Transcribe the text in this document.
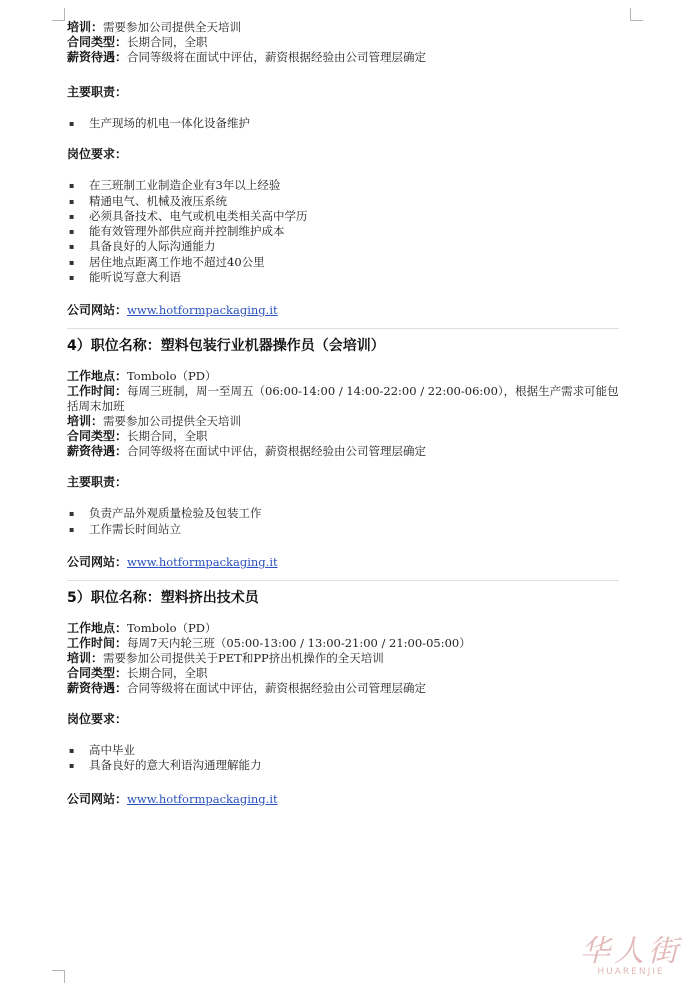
培训：需要参加公司提供全天培训
合同类型：长期合同，全职
薪资待遇：合同等级将在面试中评估，薪资根据经验由公司管理层确定
主要职责：
▪ 生产现场的机电一体化设备维护
岗位要求：
▪ 在三班制工业制造企业有3年以上经验
▪ 精通电气、机械及液压系统
▪ 必须具备技术、电气或机电类相关高中学历
▪ 能有效管理外部供应商并控制维护成本
▪ 具备良好的人际沟通能力
▪ 居住地点距离工作地不超过40公里
▪ 能听说写意大利语
公司网站：www.hotformpackaging.it
4）职位名称：塑料包装行业机器操作员（会培训）
工作地点：Tombolo（PD）
工作时间：每周三班制，周一至周五（06:00-14:00 / 14:00-22:00 / 22:00-06:00），根据生产需求可能包括周末加班
培训：需要参加公司提供全天培训
合同类型：长期合同，全职
薪资待遇：合同等级将在面试中评估，薪资根据经验由公司管理层确定
主要职责：
▪ 负责产品外观质量检验及包装工作
▪ 工作需长时间站立
公司网站：www.hotformpackaging.it
5）职位名称：塑料挤出技术员
工作地点：Tombolo（PD）
工作时间：每周7天内轮三班（05:00-13:00 / 13:00-21:00 / 21:00-05:00）
培训：需要参加公司提供关于PET和PP挤出机操作的全天培训
合同类型：长期合同，全职
薪资待遇：合同等级将在面试中评估，薪资根据经验由公司管理层确定
岗位要求：
▪ 高中毕业
▪ 具备良好的意大利语沟通理解能力
公司网站：www.hotformpackaging.it
华人街
HUARENJIE
